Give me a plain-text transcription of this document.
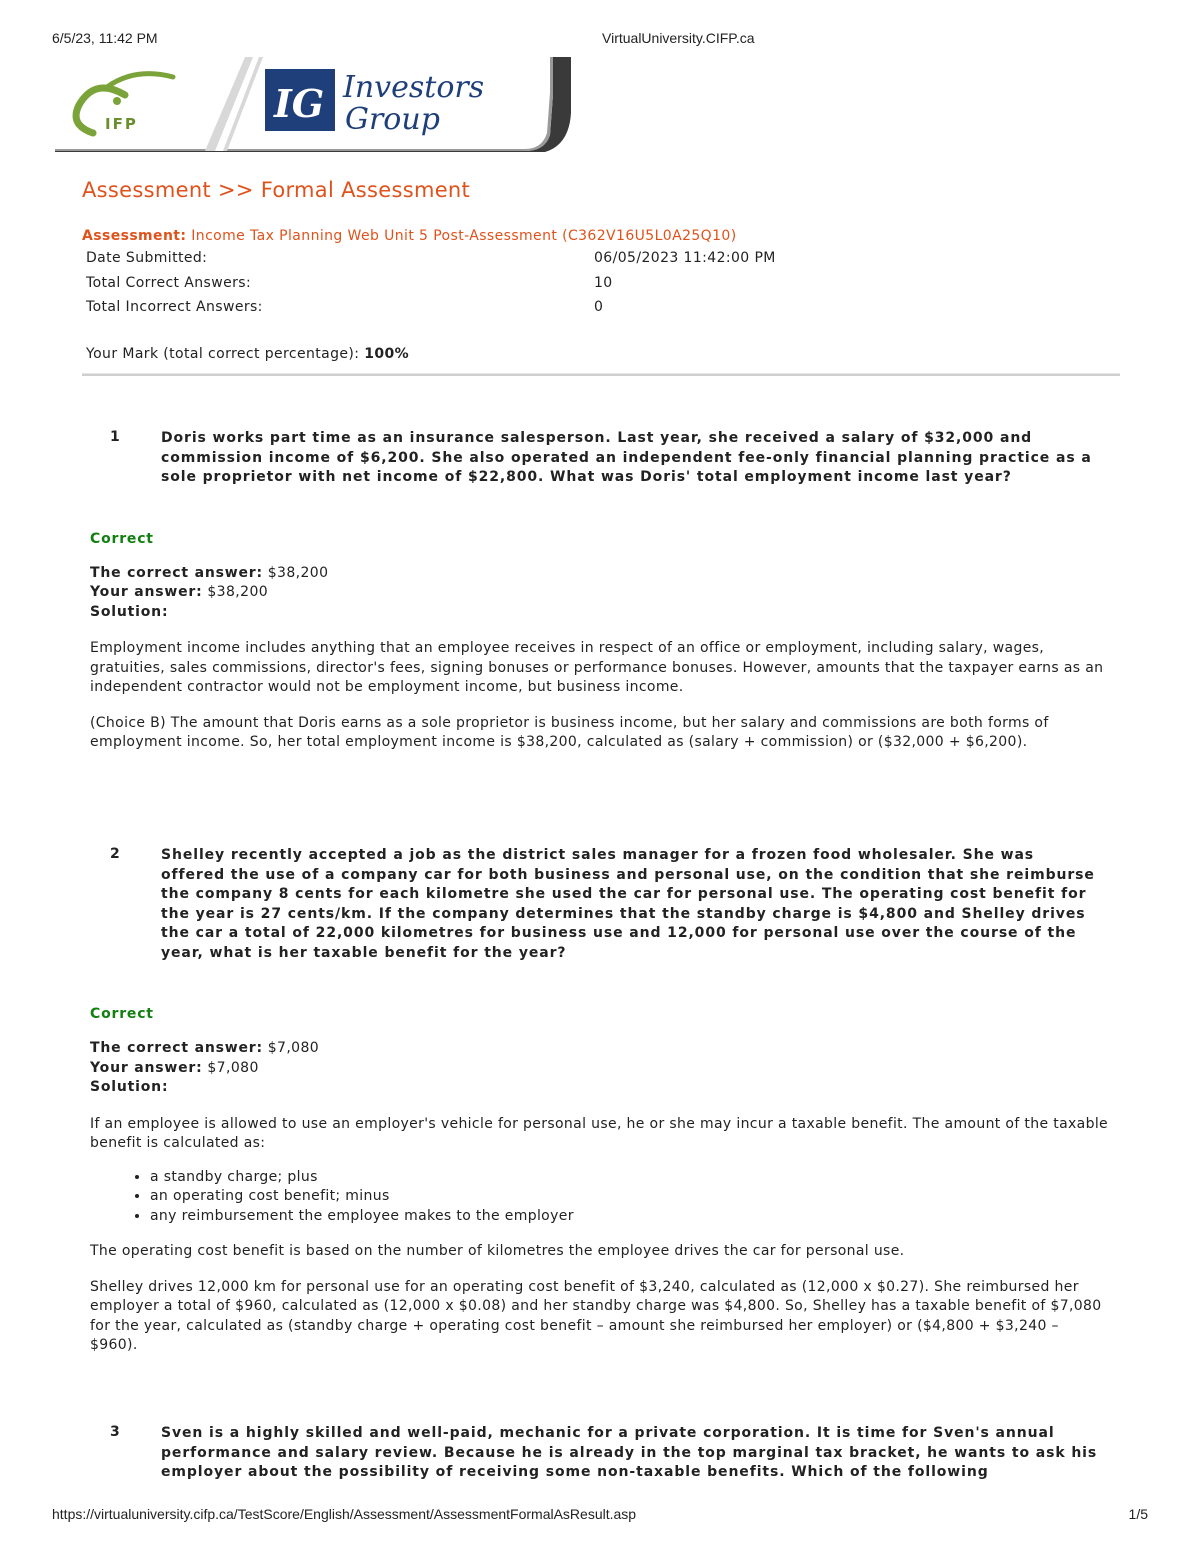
6/5/23, 11:42 PM	VirtualUniversity.CIFP.ca
IFP	IG Investors
Group
Assessment >> Formal Assessment
Assessment: Income Tax Planning Web Unit 5 Post-Assessment (C362V16U5L0A25Q10)
Date Submitted:	06/05/2023 11:42:00 PM
Total Correct Answers:	10
Total Incorrect Answers:	0
Your Mark (total correct percentage): 100%
1	Doris works part time as an insurance salesperson. Last year, she received a salary of $32,000 and commission income of $6,200. She also operated an independent fee-only financial planning practice as a sole proprietor with net income of $22,800. What was Doris' total employment income last year?
Correct
The correct answer: $38,200
Your answer: $38,200
Solution:
Employment income includes anything that an employee receives in respect of an office or employment, including salary, wages, gratuities, sales commissions, director's fees, signing bonuses or performance bonuses. However, amounts that the taxpayer earns as an independent contractor would not be employment income, but business income.
(Choice B) The amount that Doris earns as a sole proprietor is business income, but her salary and commissions are both forms of employment income. So, her total employment income is $38,200, calculated as (salary + commission) or ($32,000 + $6,200).
2	Shelley recently accepted a job as the district sales manager for a frozen food wholesaler. She was offered the use of a company car for both business and personal use, on the condition that she reimburse the company 8 cents for each kilometre she used the car for personal use. The operating cost benefit for the year is 27 cents/km. If the company determines that the standby charge is $4,800 and Shelley drives the car a total of 22,000 kilometres for business use and 12,000 for personal use over the course of the year, what is her taxable benefit for the year?
Correct
The correct answer: $7,080
Your answer: $7,080
Solution:
If an employee is allowed to use an employer's vehicle for personal use, he or she may incur a taxable benefit. The amount of the taxable benefit is calculated as:
• a standby charge; plus
• an operating cost benefit; minus
• any reimbursement the employee makes to the employer
The operating cost benefit is based on the number of kilometres the employee drives the car for personal use.
Shelley drives 12,000 km for personal use for an operating cost benefit of $3,240, calculated as (12,000 x $0.27). She reimbursed her employer a total of $960, calculated as (12,000 x $0.08) and her standby charge was $4,800. So, Shelley has a taxable benefit of $7,080 for the year, calculated as (standby charge + operating cost benefit – amount she reimbursed her employer) or ($4,800 + $3,240 – $960).
3	Sven is a highly skilled and well-paid, mechanic for a private corporation. It is time for Sven's annual performance and salary review. Because he is already in the top marginal tax bracket, he wants to ask his employer about the possibility of receiving some non-taxable benefits. Which of the following
https://virtualuniversity.cifp.ca/TestScore/English/Assessment/AssessmentFormalAsResult.asp	1/5
